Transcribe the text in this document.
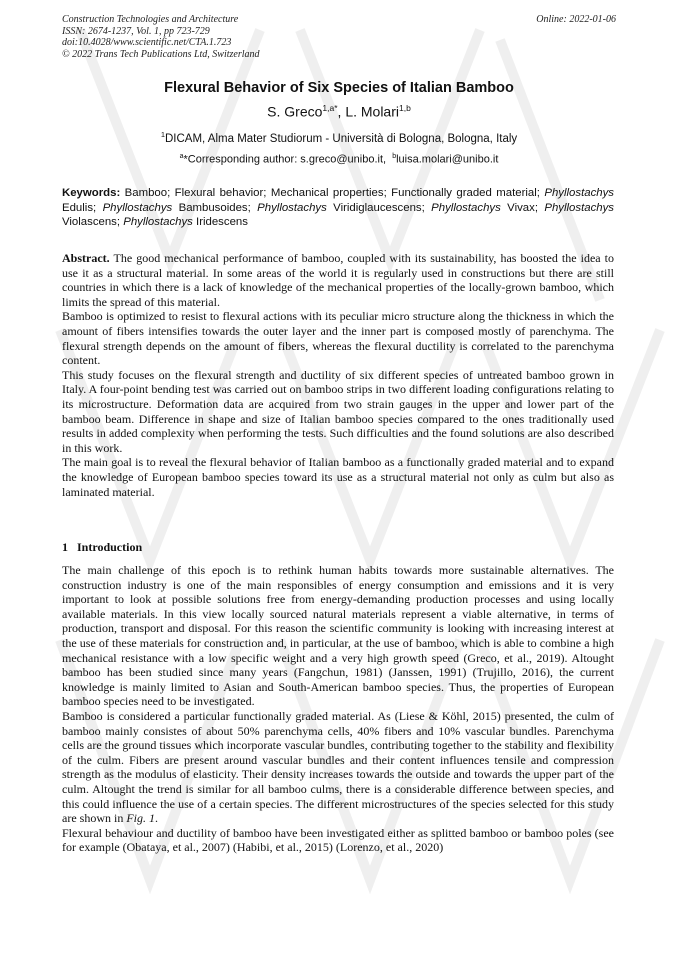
Construction Technologies and Architecture
ISSN: 2674-1237, Vol. 1, pp 723-729
doi:10.4028/www.scientific.net/CTA.1.723
© 2022 Trans Tech Publications Ltd, Switzerland
Online: 2022-01-06
Flexural Behavior of Six Species of Italian Bamboo
S. Greco$^{1,a*}$, L. Molari$^{1,b}$
$^1$DICAM, Alma Mater Studiorum - Università di Bologna, Bologna, Italy
$^a$*Corresponding author: s.greco@unibo.it, $^b$luisa.molari@unibo.it
Keywords: Bamboo; Flexural behavior; Mechanical properties; Functionally graded material; Phyllostachys Edulis; Phyllostachys Bambusoides; Phyllostachys Viridiglaucescens; Phyllostachys Vivax; Phyllostachys Violascens; Phyllostachys Iridescens

Abstract. The good mechanical performance of bamboo, coupled with its sustainability, has boosted the idea to use it as a structural material. In some areas of the world it is regularly used in constructions but there are still countries in which there is a lack of knowledge of the mechanical properties of the locally-grown bamboo, which limits the spread of this material.

Bamboo is optimized to resist to flexural actions with its peculiar micro structure along the thickness in which the amount of fibers intensifies towards the outer layer and the inner part is composed mostly of parenchyma. The flexural strength depends on the amount of fibers, whereas the flexural ductility is correlated to the parenchyma content.

This study focuses on the flexural strength and ductility of six different species of untreated bamboo grown in Italy. A four-point bending test was carried out on bamboo strips in two different loading configurations relating to its microstructure. Deformation data are acquired from two strain gauges in the upper and lower part of the bamboo beam. Difference in shape and size of Italian bamboo species compared to the ones traditionally used results in added complexity when performing the tests. Such difficulties and the found solutions are also described in this work.

The main goal is to reveal the flexural behavior of Italian bamboo as a functionally graded material and to expand the knowledge of European bamboo species toward its use as a structural material not only as culm but also as laminated material.

1 Introduction

The main challenge of this epoch is to rethink human habits towards more sustainable alternatives. The construction industry is one of the main responsibles of energy consumption and emissions and it is very important to look at possible solutions free from energy-demanding production processes and using locally available materials. In this view locally sourced natural materials represent a viable alternative, in terms of production, transport and disposal. For this reason the scientific community is looking with increasing interest at the use of these materials for construction and, in particular, at the use of bamboo, which is able to combine a high mechanical resistance with a low specific weight and a very high growth speed (Greco, et al., 2019). Altought bamboo has been studied since many years (Fangchun, 1981) (Janssen, 1991) (Trujillo, 2016), the current knowledge is mainly limited to Asian and South-American bamboo species. Thus, the properties of European bamboo species need to be investigated.

Bamboo is considered a particular functionally graded material. As (Liese & Köhl, 2015) presented, the culm of bamboo mainly consistes of about 50% parenchyma cells, 40% fibers and 10% vascular bundles. Parenchyma cells are the ground tissues which incorporate vascular bundles, contributing together to the stability and flexibility of the culm. Fibers are present around vascular bundles and their content influences tensile and compression strength as the modulus of elasticity. Their density increases towards the outside and towards the upper part of the culm. Altought the trend is similar for all bamboo culms, there is a considerable difference between species, and this could influence the use of a certain species. The different microstructures of the species selected for this study are shown in Fig. 1.

Flexural behaviour and ductility of bamboo have been investigated either as splitted bamboo or bamboo poles (see for example (Obataya, et al., 2007) (Habibi, et al., 2015) (Lorenzo, et al., 2020)
